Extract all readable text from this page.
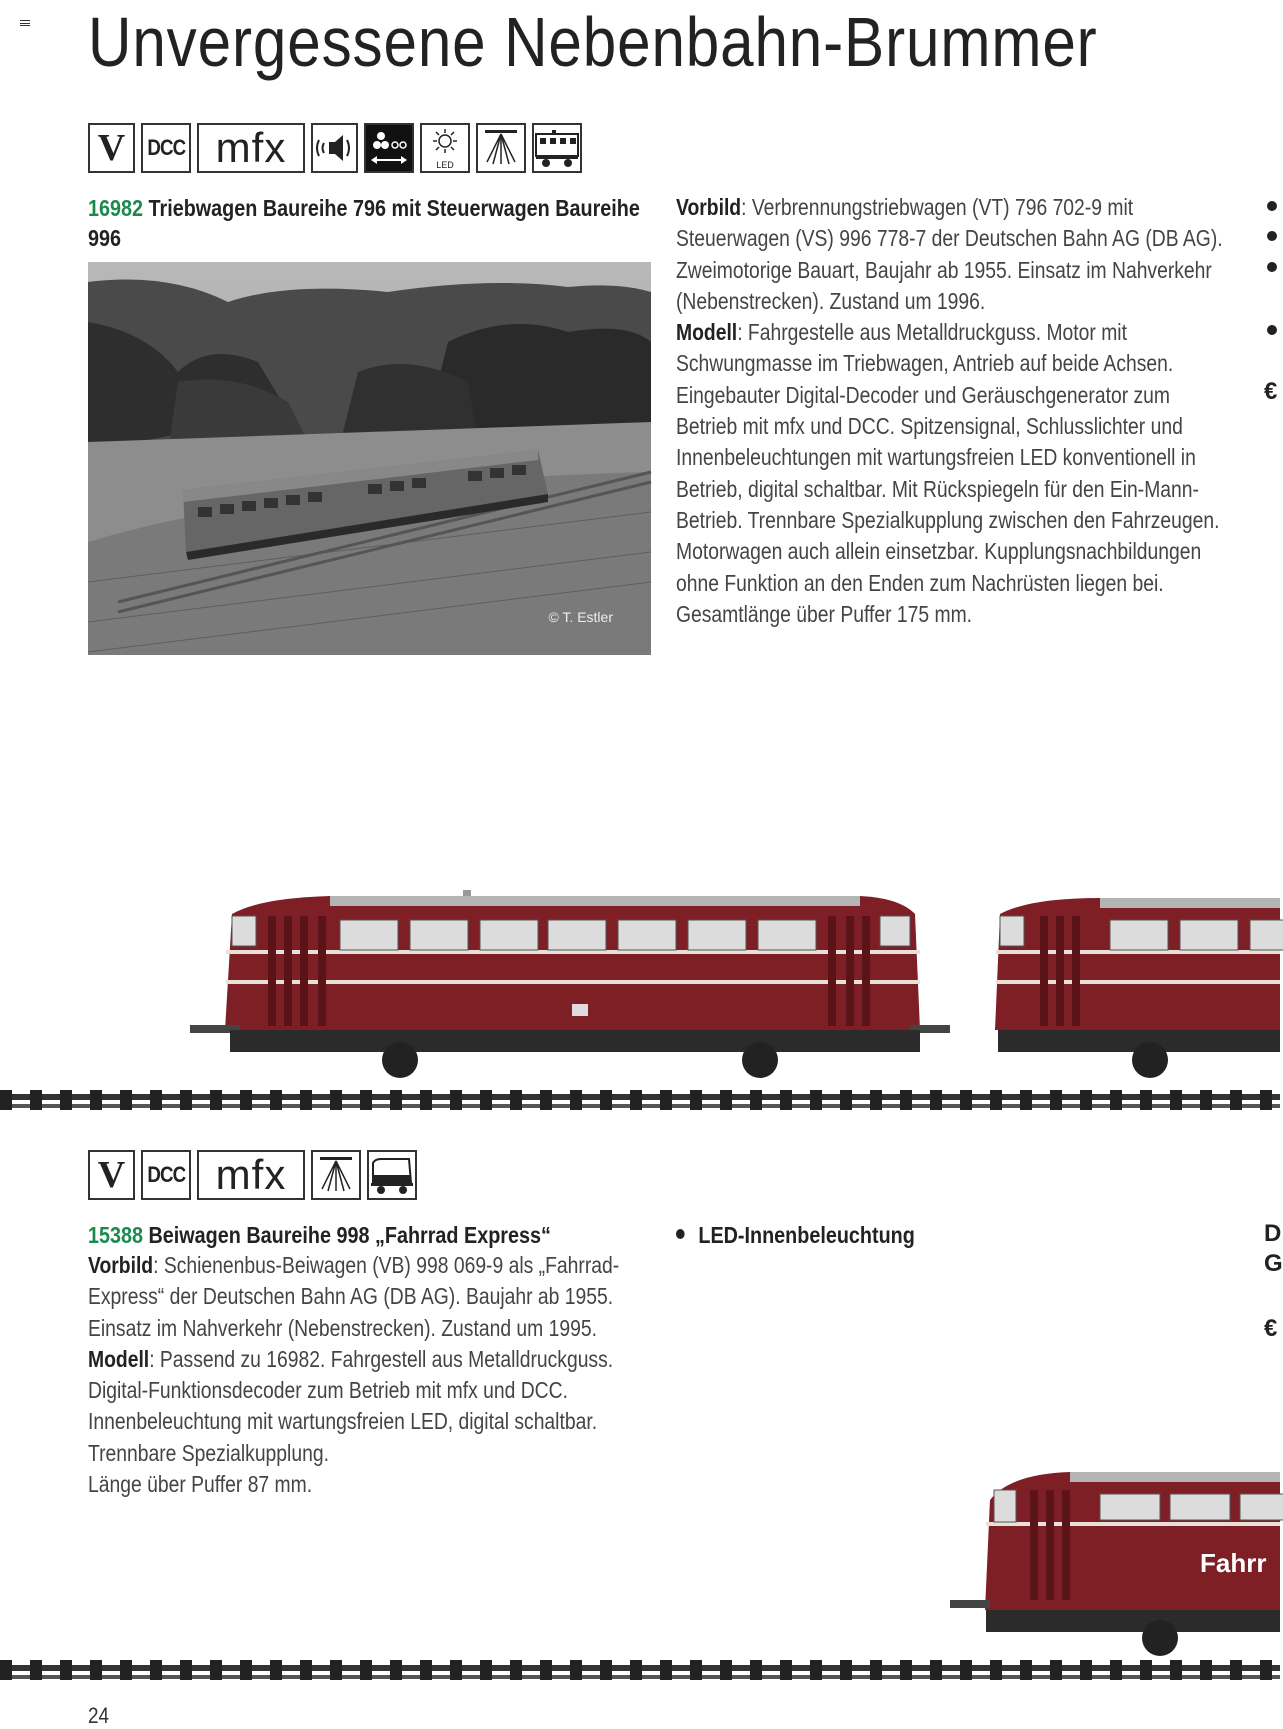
Unvergessene Nebenbahn-Brummer
V DCC mfx	LED
16982 Triebwagen Baureihe 796 mit Steuerwagen Baureihe 996
© T. Estler

Vorbild: Verbrennungstriebwagen (VT) 796 702-9 mit Steuerwagen (VS) 996 778-7 der Deutschen Bahn AG (DB AG). Zweimotorige Bauart, Baujahr ab 1955. Einsatz im Nahverkehr (Nebenstrecken). Zustand um 1996.

Modell: Fahrgestelle aus Metalldruckguss. Motor mit Schwungmasse im Triebwagen, Antrieb auf beide Achsen. Eingebauter Digital-Decoder und Geräuschgenerator zum Betrieb mit mfx und DCC. Spitzensignal, Schlusslichter und Innenbeleuchtungen mit wartungsfreien LED konventionell in Betrieb, digital schaltbar. Mit Rückspiegeln für den Ein-Mann-Betrieb. Trennbare Spezialkupplung zwischen den Fahrzeugen. Motorwagen auch allein einsetzbar. Kupplungsnachbildungen ohne Funktion an den Enden zum Nachrüsten liegen bei.

Gesamtlänge über Puffer 175 mm.

€
V DCC mfx
15388 Beiwagen Baureihe 998 „Fahrrad Express“

Vorbild: Schienenbus-Beiwagen (VB) 998 069-9 als „Fahrrad-Express“ der Deutschen Bahn AG (DB AG). Baujahr ab 1955. Einsatz im Nahverkehr (Nebenstrecken). Zustand um 1995.

Modell: Passend zu 16982. Fahrgestell aus Metalldruckguss. Digital-Funktionsdecoder zum Betrieb mit mfx und DCC. Innenbeleuchtung mit wartungsfreien LED, digital schaltbar. Trennbare Spezialkupplung.

Länge über Puffer 87 mm.

LED-Innenbeleuchtung	D
G
€
Fahrr
24
